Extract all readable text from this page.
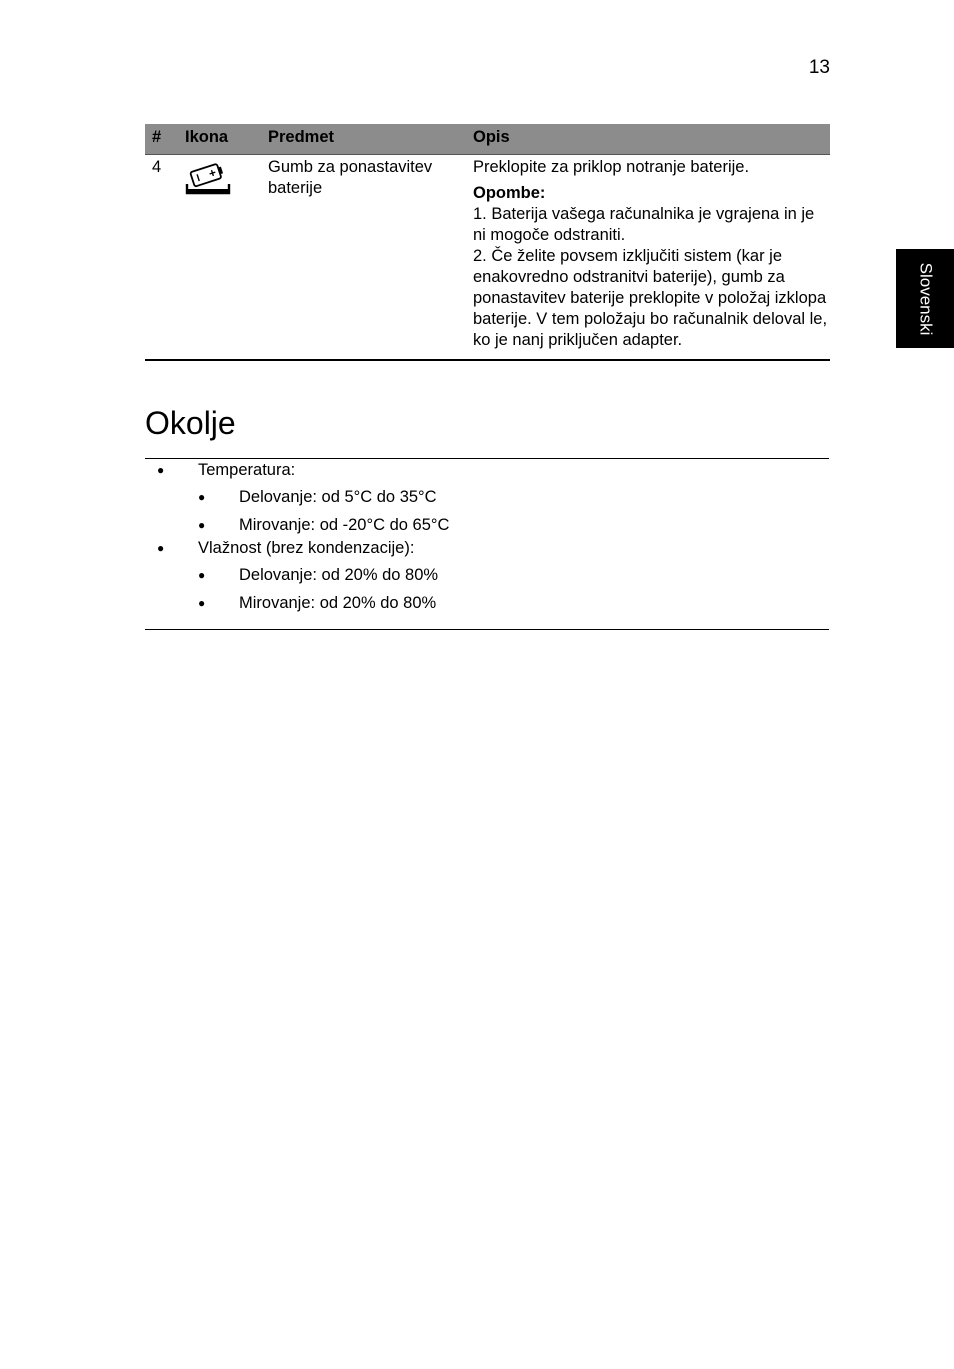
13
Slovenski
#	Ikona	Predmet	Opis
4		Gumb za ponastavitev baterije	Preklopite za priklop notranje baterije.

Opombe:

1. Baterija vašega računalnika je vgrajena in je ni mogoče odstraniti.

2. Če želite povsem izključiti sistem (kar je enakovredno odstranitvi baterije), gumb za ponastavitev baterije preklopite v položaj izklopa baterije. V tem položaju bo računalnik deloval le, ko je nanj priključen adapter.

Okolje
● Temperatura:
● Delovanje: od 5°C do 35°C
● Mirovanje: od -20°C do 65°C
● Vlažnost (brez kondenzacije):
● Delovanje: od 20% do 80%
● Mirovanje: od 20% do 80%
